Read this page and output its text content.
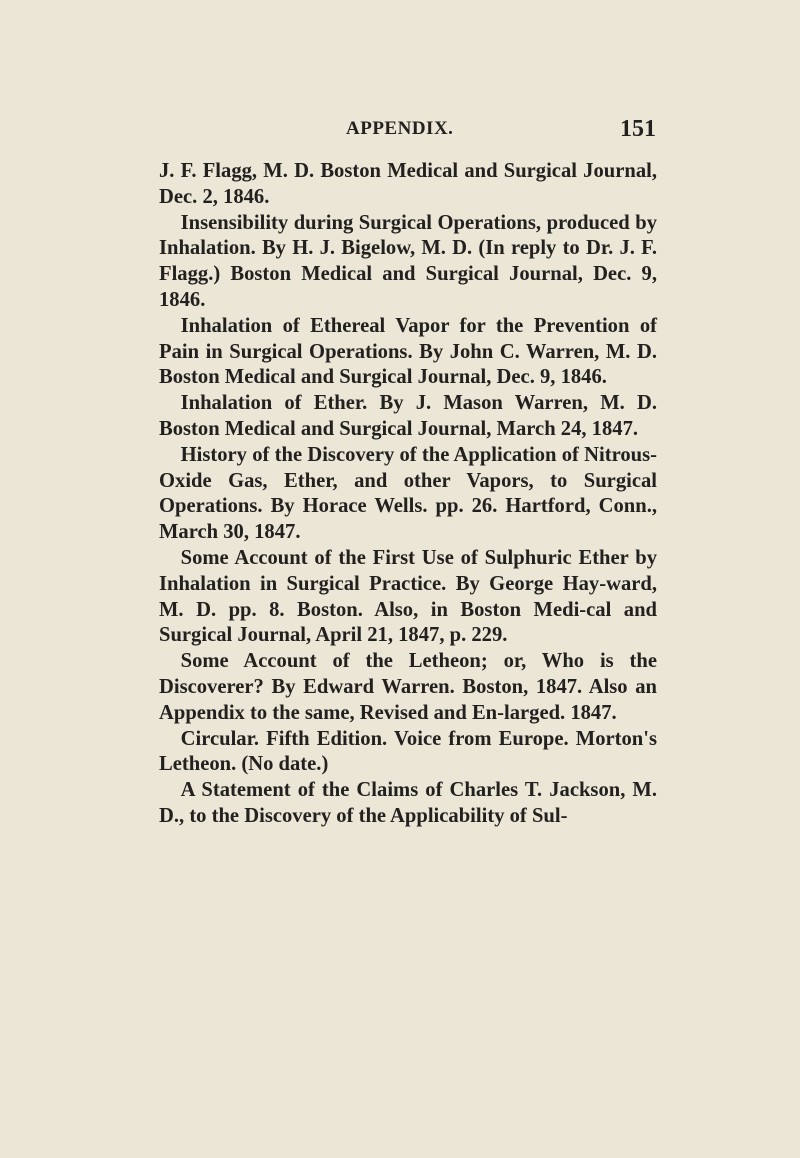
APPENDIX.	151

J. F. Flagg, M. D. Boston Medical and Surgical Journal, Dec. 2, 1846.

Insensibility during Surgical Operations, produced by Inhalation. By H. J. Bigelow, M. D. (In reply to Dr. J. F. Flagg.) Boston Medical and Surgical Journal, Dec. 9, 1846.

Inhalation of Ethereal Vapor for the Prevention of Pain in Surgical Operations. By John C. Warren, M. D. Boston Medical and Surgical Journal, Dec. 9, 1846.

Inhalation of Ether. By J. Mason Warren, M. D. Boston Medical and Surgical Journal, March 24, 1847.

History of the Discovery of the Application of Nitrous-Oxide Gas, Ether, and other Vapors, to Surgical Operations. By Horace Wells. pp. 26. Hartford, Conn., March 30, 1847.

Some Account of the First Use of Sulphuric Ether by Inhalation in Surgical Practice. By George Hay-ward, M. D. pp. 8. Boston. Also, in Boston Medi-cal and Surgical Journal, April 21, 1847, p. 229.

Some Account of the Letheon; or, Who is the Discoverer? By Edward Warren. Boston, 1847. Also an Appendix to the same, Revised and En-larged. 1847.

Circular. Fifth Edition. Voice from Europe. Morton's Letheon. (No date.)

A Statement of the Claims of Charles T. Jackson, M. D., to the Discovery of the Applicability of Sul-
